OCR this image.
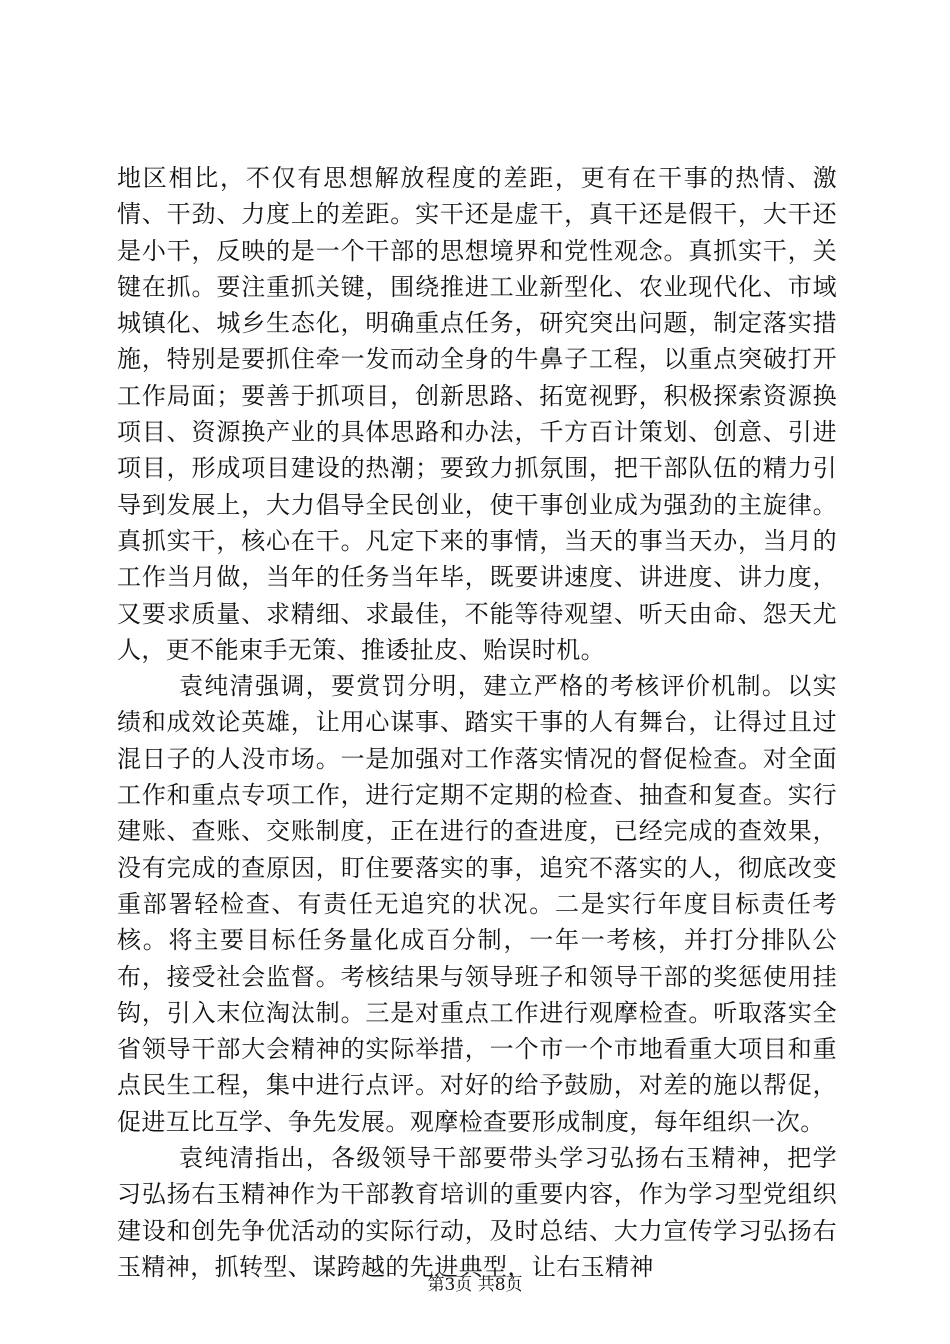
地区相比，不仅有思想解放程度的差距，更有在干事的热情、激情、干劲、力度上的差距。实干还是虚干，真干还是假干，大干还是小干，反映的是一个干部的思想境界和党性观念。真抓实干，关键在抓。要注重抓关键，围绕推进工业新型化、农业现代化、市域城镇化、城乡生态化，明确重点任务，研究突出问题，制定落实措施，特别是要抓住牵一发而动全身的牛鼻子工程，以重点突破打开工作局面；要善于抓项目，创新思路、拓宽视野，积极探索资源换项目、资源换产业的具体思路和办法，千方百计策划、创意、引进项目，形成项目建设的热潮；要致力抓氛围，把干部队伍的精力引导到发展上，大力倡导全民创业，使干事创业成为强劲的主旋律。真抓实干，核心在干。凡定下来的事情，当天的事当天办，当月的工作当月做，当年的任务当年毕，既要讲速度、讲进度、讲力度，又要求质量、求精细、求最佳，不能等待观望、听天由命、怨天尤人，更不能束手无策、推诿扯皮、贻误时机。

袁纯清强调，要赏罚分明，建立严格的考核评价机制。以实绩和成效论英雄，让用心谋事、踏实干事的人有舞台，让得过且过混日子的人没市场。一是加强对工作落实情况的督促检查。对全面工作和重点专项工作，进行定期不定期的检查、抽查和复查。实行建账、查账、交账制度，正在进行的查进度，已经完成的查效果，没有完成的查原因，盯住要落实的事，追究不落实的人，彻底改变重部署轻检查、有责任无追究的状况。二是实行年度目标责任考核。将主要目标任务量化成百分制，一年一考核，并打分排队公布，接受社会监督。考核结果与领导班子和领导干部的奖惩使用挂钩，引入末位淘汰制。三是对重点工作进行观摩检查。听取落实全省领导干部大会精神的实际举措，一个市一个市地看重大项目和重点民生工程，集中进行点评。对好的给予鼓励，对差的施以帮促，促进互比互学、争先发展。观摩检查要形成制度，每年组织一次。

袁纯清指出，各级领导干部要带头学习弘扬右玉精神，把学习弘扬右玉精神作为干部教育培训的重要内容，作为学习型党组织建设和创先争优活动的实际行动，及时总结、大力宣传学习弘扬右玉精神，抓转型、谋跨越的先进典型，让右玉精神

第3页 共8页
